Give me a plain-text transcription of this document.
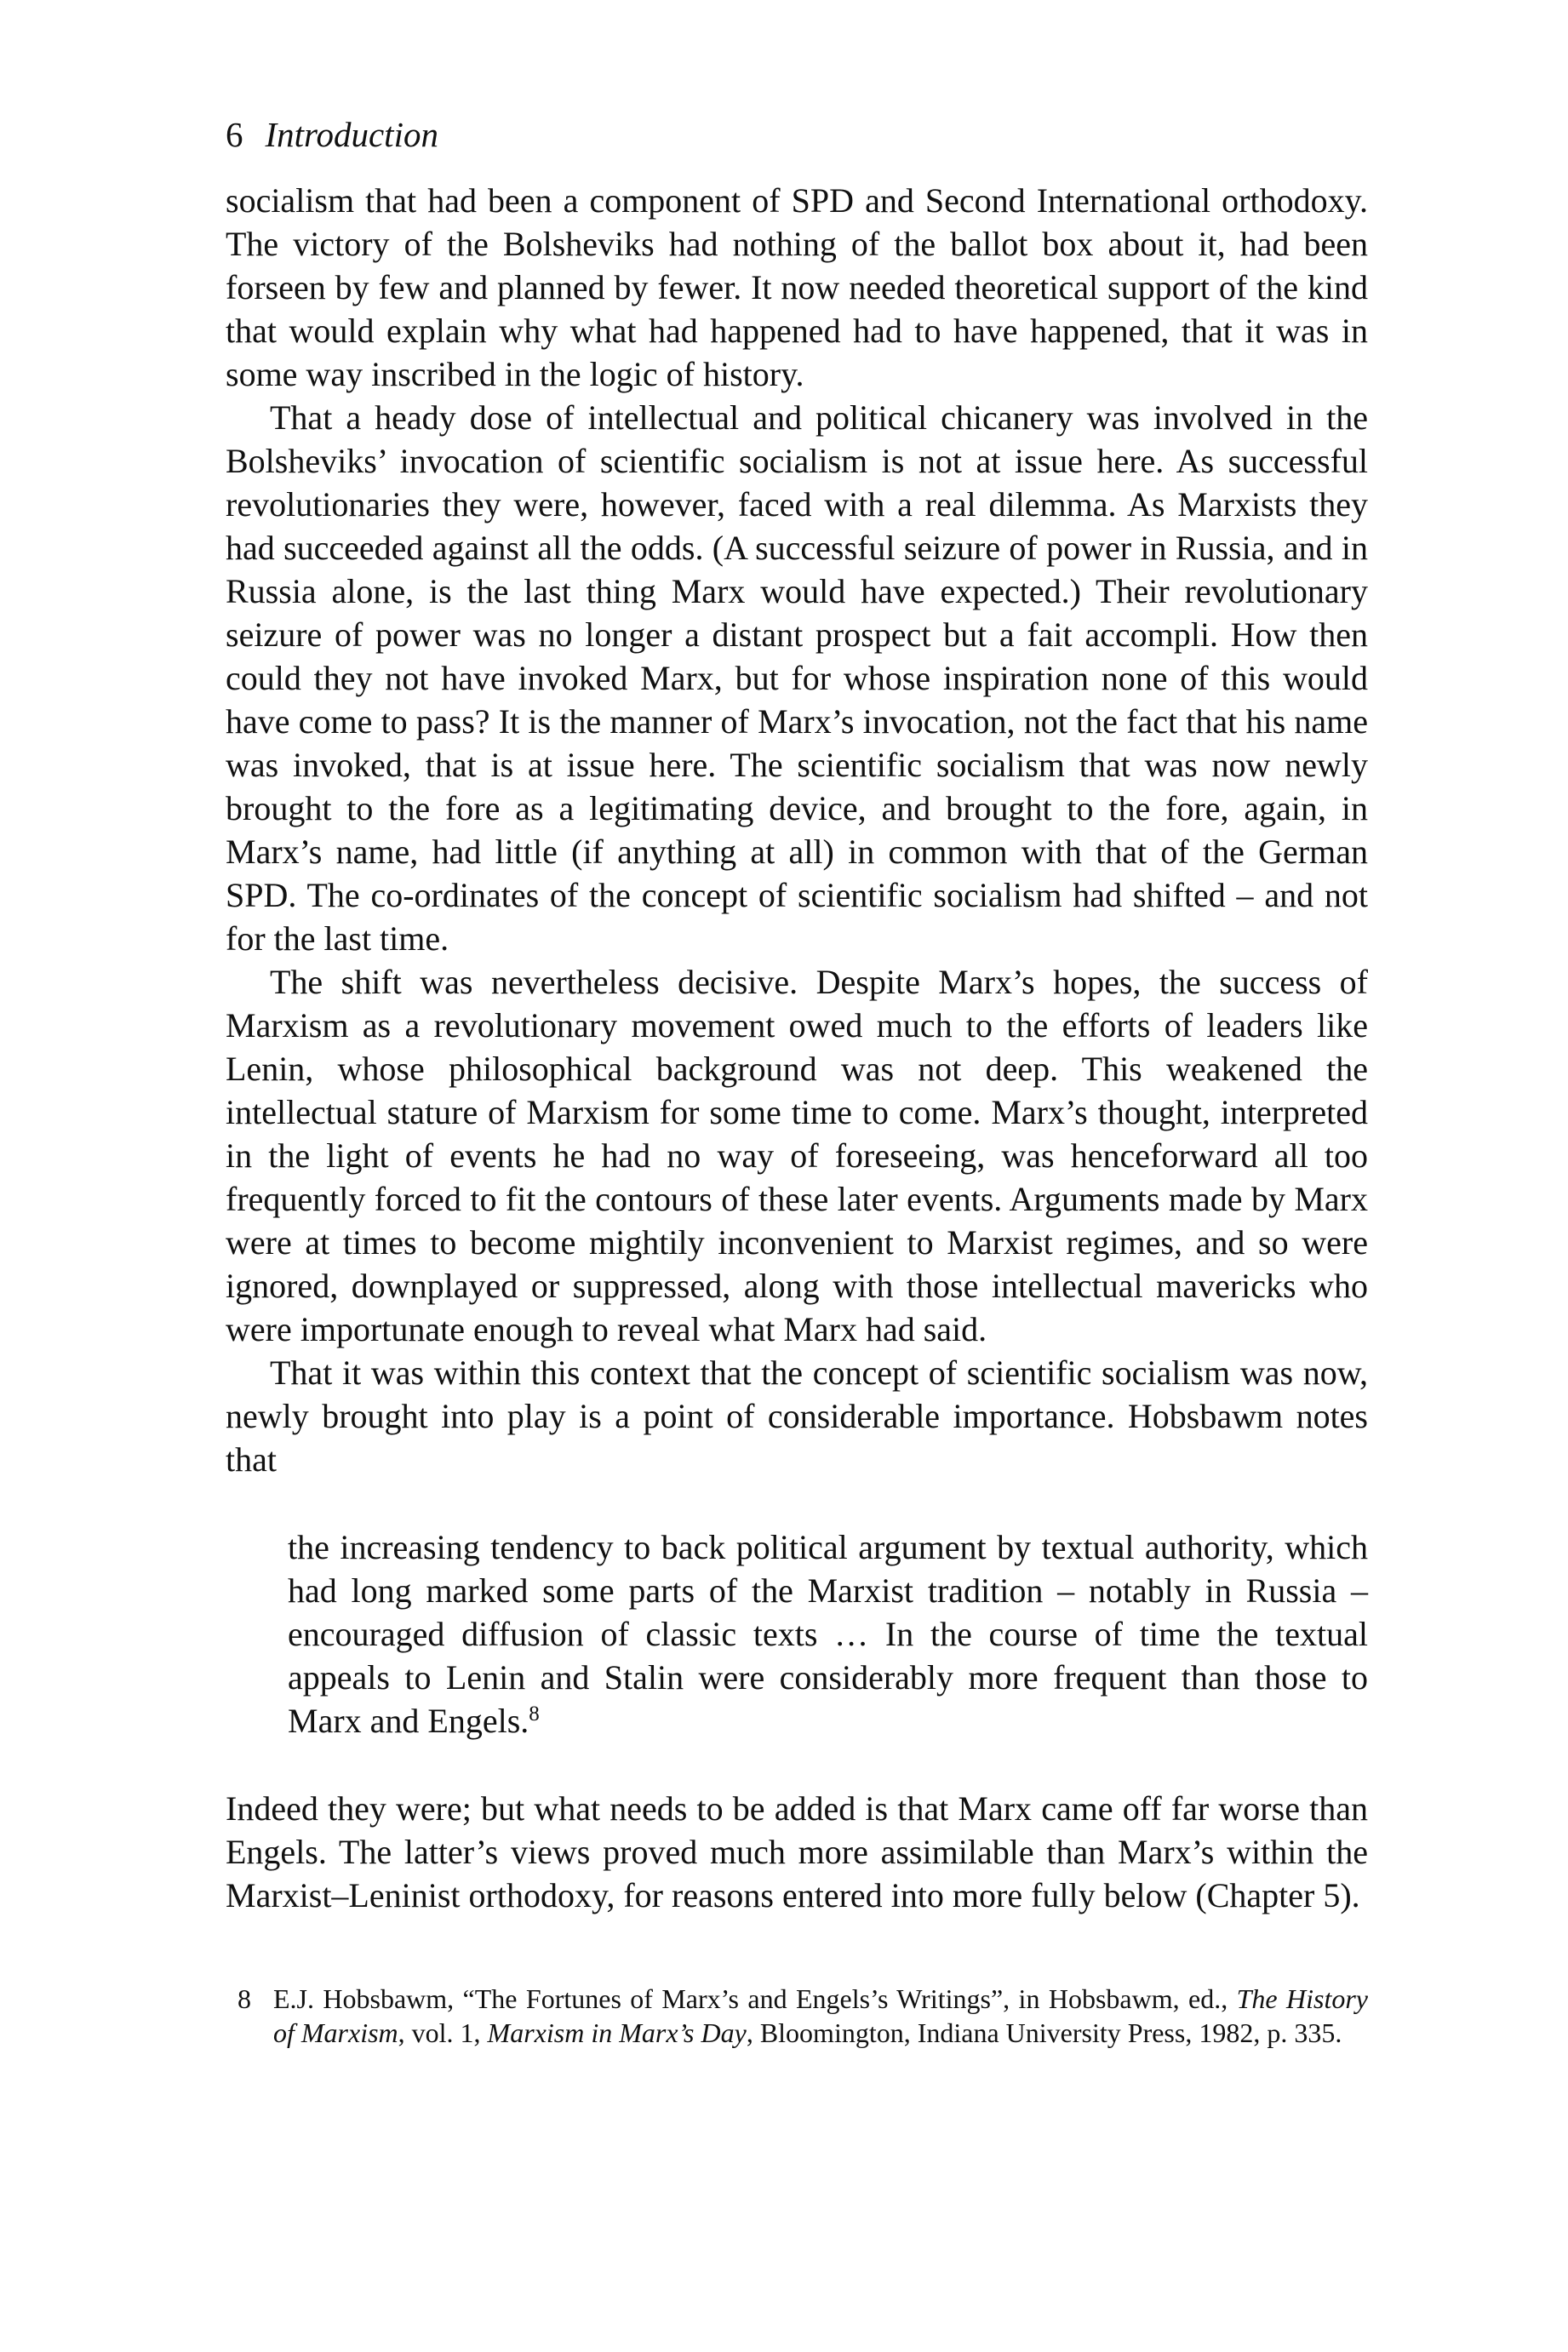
6 Introduction

socialism that had been a component of SPD and Second International orthodoxy. The victory of the Bolsheviks had nothing of the ballot box about it, had been forseen by few and planned by fewer. It now needed theoretical support of the kind that would explain why what had happened had to have happened, that it was in some way inscribed in the logic of history.

That a heady dose of intellectual and political chicanery was involved in the Bolsheviks’ invocation of scientific socialism is not at issue here. As successful revolutionaries they were, however, faced with a real dilemma. As Marxists they had succeeded against all the odds. (A successful seizure of power in Russia, and in Russia alone, is the last thing Marx would have expected.) Their revolutionary seizure of power was no longer a distant prospect but a fait accompli. How then could they not have invoked Marx, but for whose inspiration none of this would have come to pass? It is the manner of Marx’s invocation, not the fact that his name was invoked, that is at issue here. The scientific socialism that was now newly brought to the fore as a legitimating device, and brought to the fore, again, in Marx’s name, had little (if anything at all) in common with that of the German SPD. The co-ordinates of the concept of scientific socialism had shifted – and not for the last time.

The shift was nevertheless decisive. Despite Marx’s hopes, the success of Marxism as a revolutionary movement owed much to the efforts of leaders like Lenin, whose philosophical background was not deep. This weakened the intellectual stature of Marxism for some time to come. Marx’s thought, interpreted in the light of events he had no way of foreseeing, was henceforward all too frequently forced to fit the contours of these later events. Arguments made by Marx were at times to become mightily inconvenient to Marxist regimes, and so were ignored, downplayed or suppressed, along with those intellectual mavericks who were importunate enough to reveal what Marx had said.

That it was within this context that the concept of scientific socialism was now, newly brought into play is a point of considerable importance. Hobsbawm notes that

the increasing tendency to back political argument by textual authority, which had long marked some parts of the Marxist tradition – notably in Russia – encouraged diffusion of classic texts … In the course of time the textual appeals to Lenin and Stalin were considerably more frequent than those to Marx and Engels.$^8$

Indeed they were; but what needs to be added is that Marx came off far worse than Engels. The latter’s views proved much more assimilable than Marx’s within the Marxist–Leninist orthodoxy, for reasons entered into more fully below (Chapter 5).

8 E.J. Hobsbawm, “The Fortunes of Marx’s and Engels’s Writings”, in Hobsbawm, ed., The History of Marxism, vol. 1, Marxism in Marx’s Day, Bloomington, Indiana University Press, 1982, p. 335.
